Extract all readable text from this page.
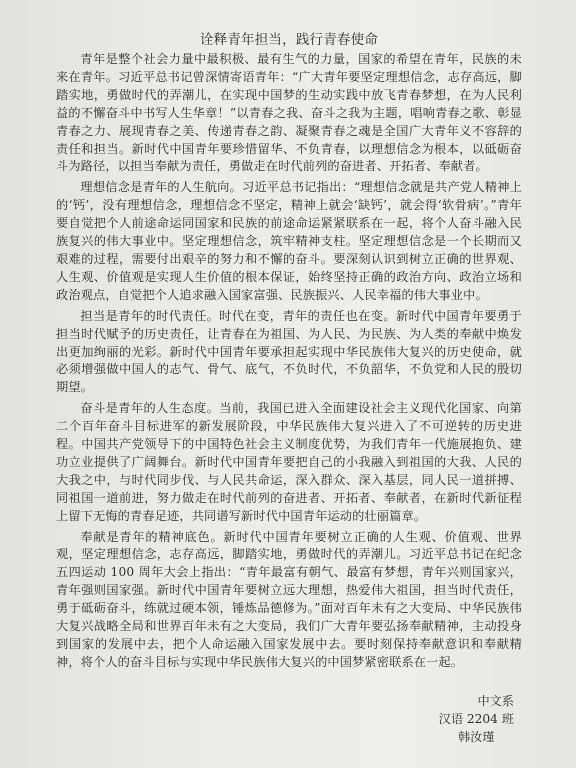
诠释青年担当，践行青春使命

青年是整个社会力量中最积极、最有生气的力量，国家的希望在青年，民族的未来在青年。习近平总书记曾深情寄语青年：“广大青年要坚定理想信念，志存高远，脚踏实地，勇做时代的弄潮儿，在实现中国梦的生动实践中放飞青春梦想，在为人民利益的不懈奋斗中书写人生华章！”以青春之我、奋斗之我为主题，唱响青春之歌、彰显青春之力、展现青春之美、传递青春之韵、凝聚青春之魂是全国广大青年义不容辞的责任和担当。新时代中国青年要珍惜留华、不负青春，以理想信念为根本，以砥砺奋斗为路径，以担当奉献为责任，勇做走在时代前列的奋进者、开拓者、奉献者。

理想信念是青年的人生航向。习近平总书记指出：“理想信念就是共产党人精神上的‘钙’，没有理想信念，理想信念不坚定，精神上就会‘缺钙’，就会得‘软骨病’。”青年要自觉把个人前途命运同国家和民族的前途命运紧紧联系在一起，将个人奋斗融入民族复兴的伟大事业中。坚定理想信念，筑牢精神支柱。坚定理想信念是一个长期而又艰难的过程，需要付出艰辛的努力和不懈的奋斗。要深刻认识到树立正确的世界观、人生观、价值观是实现人生价值的根本保证，始终坚持正确的政治方向、政治立场和政治观点，自觉把个人追求融入国家富强、民族振兴、人民幸福的伟大事业中。

担当是青年的时代责任。时代在变，青年的责任也在变。新时代中国青年要勇于担当时代赋予的历史责任，让青春在为祖国、为人民、为民族、为人类的奉献中焕发出更加绚丽的光彩。新时代中国青年要承担起实现中华民族伟大复兴的历史使命，就必须增强做中国人的志气、骨气、底气，不负时代，不负韶华，不负党和人民的殷切期望。

奋斗是青年的人生态度。当前，我国已进入全面建设社会主义现代化国家、向第二个百年奋斗目标进军的新发展阶段，中华民族伟大复兴进入了不可逆转的历史进程。中国共产党领导下的中国特色社会主义制度优势，为我们青年一代施展抱负、建功立业提供了广阔舞台。新时代中国青年要把自己的小我融入到祖国的大我、人民的大我之中，与时代同步伐、与人民共命运，深入群众、深入基层，同人民一道拼搏、同祖国一道前进，努力做走在时代前列的奋进者、开拓者、奉献者，在新时代新征程上留下无悔的青春足迹，共同谱写新时代中国青年运动的壮丽篇章。

奉献是青年的精神底色。新时代中国青年要树立正确的人生观、价值观、世界观，坚定理想信念，志存高远，脚踏实地，勇做时代的弄潮儿。习近平总书记在纪念五四运动 100 周年大会上指出：“青年最富有朝气、最富有梦想，青年兴则国家兴，青年强则国家强。新时代中国青年要树立远大理想，热爱伟大祖国，担当时代责任，勇于砥砺奋斗，练就过硬本领，锤炼品德修为。”面对百年未有之大变局、中华民族伟大复兴战略全局和世界百年未有之大变局，我们广大青年要弘扬奉献精神，主动投身到国家的发展中去，把个人命运融入国家发展中去。要时刻保持奉献意识和奉献精神，将个人的奋斗目标与实现中华民族伟大复兴的中国梦紧密联系在一起。

中文系
汉语 2204 班
韩汝瑾
